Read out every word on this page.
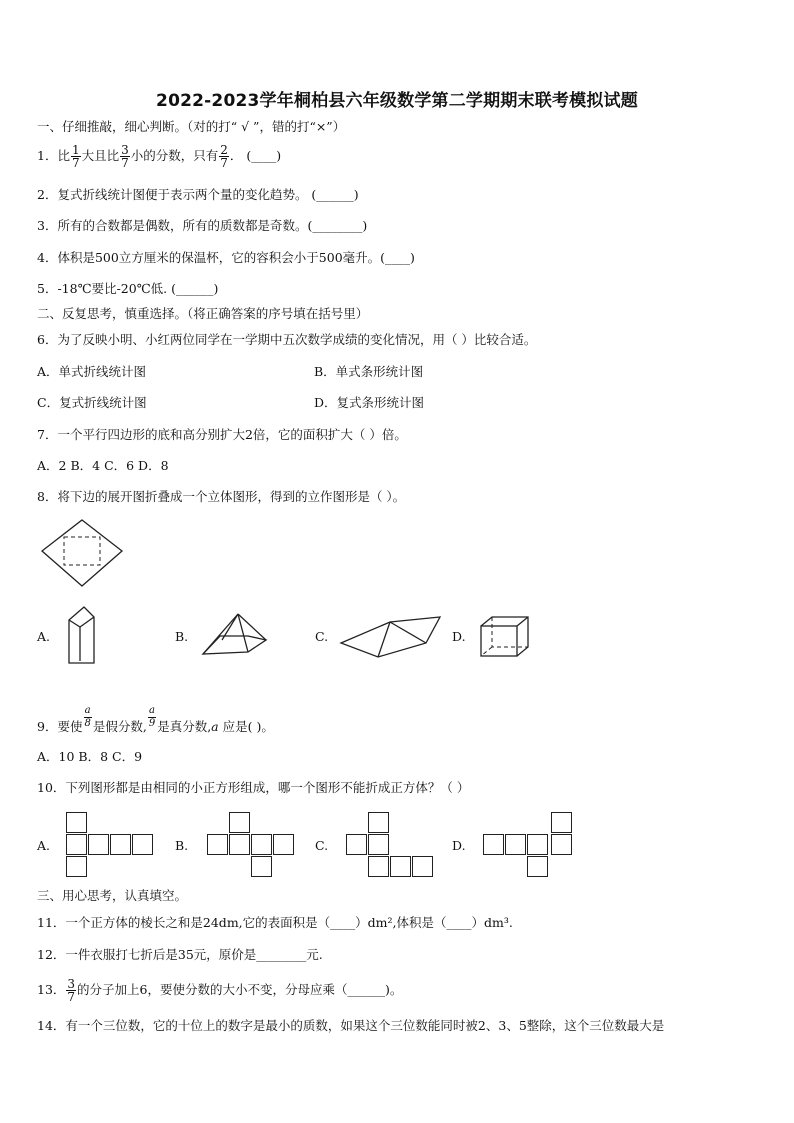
2022-2023学年桐柏县六年级数学第二学期期末联考模拟试题
一、仔细推敲，细心判断。（对的打“ √ ”，错的打“×”）
1．比 $\frac{1}{7}$ 大且比 $\frac{3}{7}$ 小的分数，只有 $\frac{2}{7}$ ． (____)
2．复式折线统计图便于表示两个量的变化趋势。 (______)
3．所有的合数都是偶数，所有的质数都是奇数。(________)
4．体积是500立方厘米的保温杯，它的容积会小于500毫升。(____)
5．-18℃要比-20℃低. (______)
二、反复思考，慎重选择。（将正确答案的序号填在括号里）
6．为了反映小明、小红两位同学在一学期中五次数学成绩的变化情况，用（ ）比较合适。
A．单式折线统计图	B．单式条形统计图
C．复式折线统计图	D．复式条形统计图
7．一个平行四边形的底和高分别扩大2倍，它的面积扩大（ ）倍。
A．2 B．4 C．6 D．8
8．将下边的展开图折叠成一个立体图形，得到的立作图形是（ ）。
A.	B.	C.	D.
9．要使 $\frac{a}{8}$ 是假分数, $\frac{a}{9}$ 是真分数,a 应是( )。
A．10 B．8 C．9
10．下列图形都是由相同的小正方形组成，哪一个图形不能折成正方体？（ ）
A.	B.	C.	D.
三、用心思考，认真填空。
11．一个正方体的棱长之和是24dm,它的表面积是（____）dm²,体积是（____）dm³.
12．一件衣服打七折后是35元，原价是________元.
13． $\frac{3}{7}$ 的分子加上6，要使分数的大小不变，分母应乘（______)。
14．有一个三位数，它的十位上的数字是最小的质数，如果这个三位数能同时被2、3、5整除，这个三位数最大是
